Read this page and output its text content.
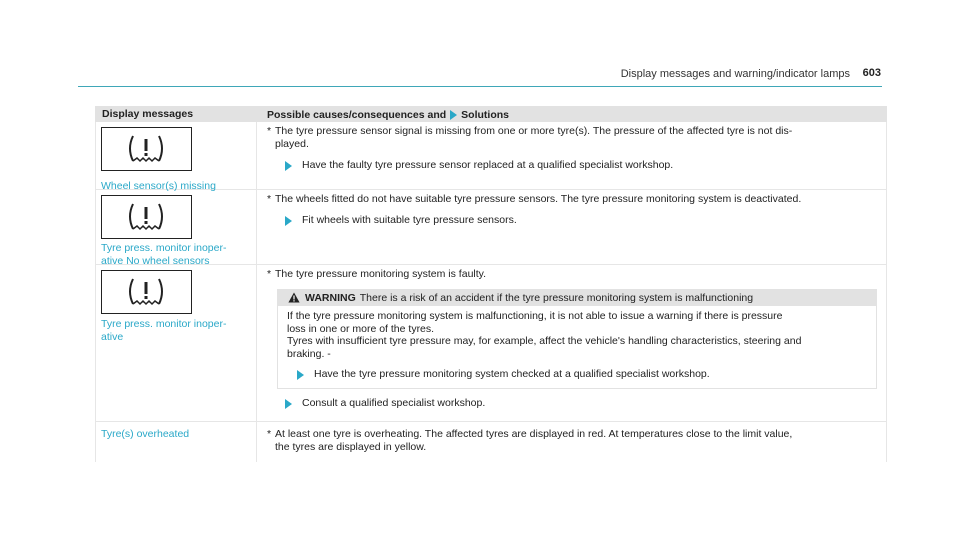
Display messages and warning/indicator lamps 603
Display messages	Possible causes/consequences and Solutions
Wheel sensor(s) missing
* The tyre pressure sensor signal is missing from one or more tyre(s). The pressure of the affected tyre is not dis-
played.
Have the faulty tyre pressure sensor replaced at a qualified specialist workshop.
Tyre press. monitor inoper-
ative No wheel sensors
* The wheels fitted do not have suitable tyre pressure sensors. The tyre pressure monitoring system is deactivated.
Fit wheels with suitable tyre pressure sensors.
Tyre press. monitor inoper-
ative
* The tyre pressure monitoring system is faulty.
WARNING There is a risk of an accident if the tyre pressure monitoring system is malfunctioning
If the tyre pressure monitoring system is malfunctioning, it is not able to issue a warning if there is pressure
loss in one or more of the tyres.
Tyres with insufficient tyre pressure may, for example, affect the vehicle's handling characteristics, steering and
braking. -
Have the tyre pressure monitoring system checked at a qualified specialist workshop.
Consult a qualified specialist workshop.
Tyre(s) overheated	* At least one tyre is overheating. The affected tyres are displayed in red. At temperatures close to the limit value,
the tyres are displayed in yellow.
